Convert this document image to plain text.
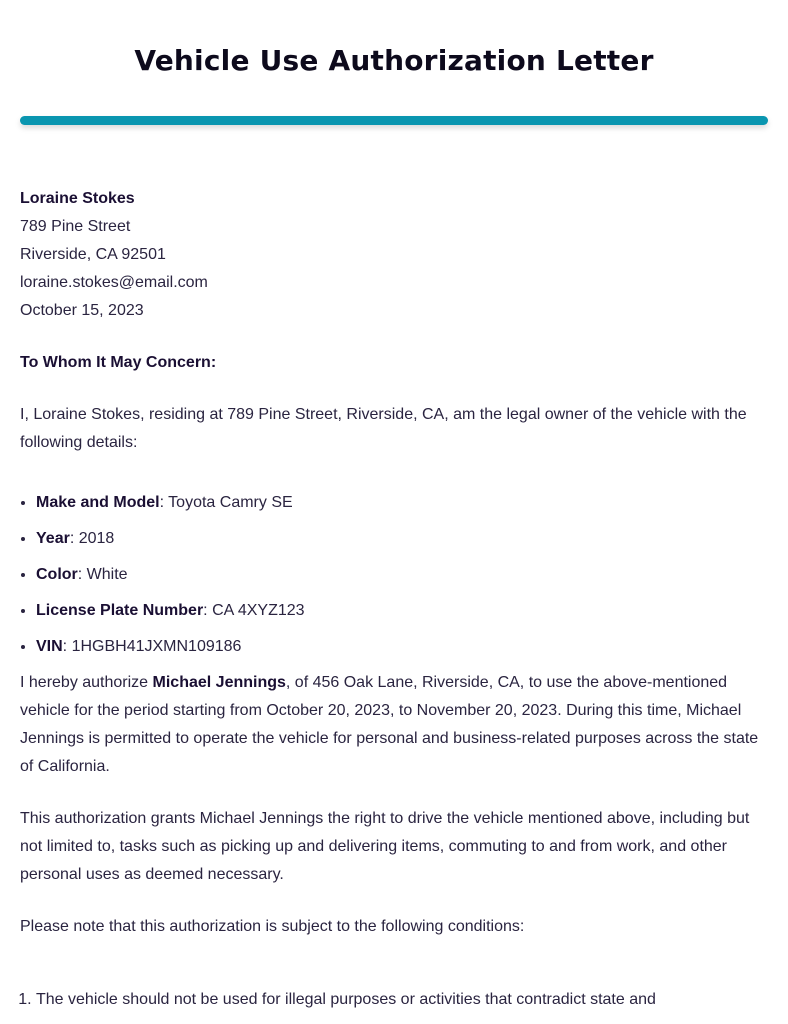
Vehicle Use Authorization Letter

Loraine Stokes

789 Pine Street

Riverside, CA 92501

loraine.stokes@email.com

October 15, 2023

To Whom It May Concern:

I, Loraine Stokes, residing at 789 Pine Street, Riverside, CA, am the legal owner of the vehicle with the following details:

• Make and Model: Toyota Camry SE
• Year: 2018
• Color: White
• License Plate Number: CA 4XYZ123
• VIN: 1HGBH41JXMN109186

I hereby authorize Michael Jennings, of 456 Oak Lane, Riverside, CA, to use the above-mentioned vehicle for the period starting from October 20, 2023, to November 20, 2023. During this time, Michael Jennings is permitted to operate the vehicle for personal and business-related purposes across the state of California.

This authorization grants Michael Jennings the right to drive the vehicle mentioned above, including but not limited to, tasks such as picking up and delivering items, commuting to and from work, and other personal uses as deemed necessary.

Please note that this authorization is subject to the following conditions:

1. The vehicle should not be used for illegal purposes or activities that contradict state and
